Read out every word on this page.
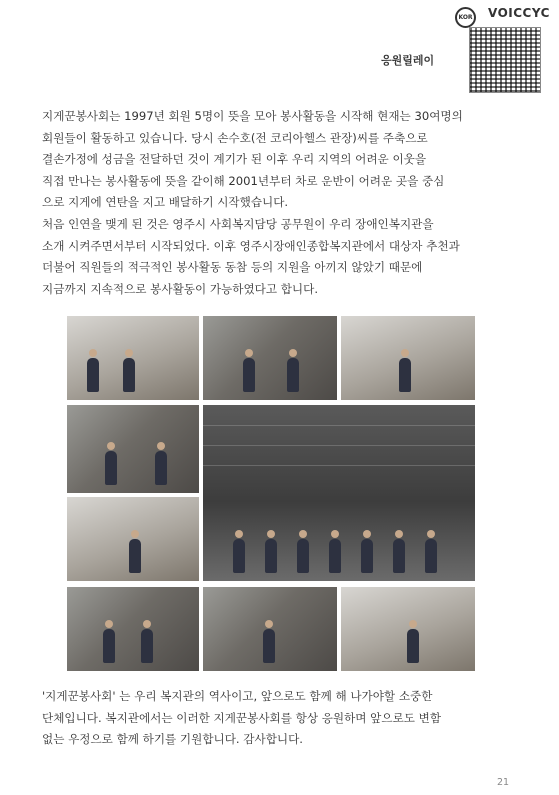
응원릴레이
KOR VOICCYC

지게꾼봉사회는 1997년 회원 5명이 뜻을 모아 봉사활동을 시작해 현재는 30여명의
회원들이 활동하고 있습니다. 당시 손수호(전 코리아헬스 관장)씨를 주축으로
결손가정에 성금을 전달하던 것이 계기가 된 이후 우리 지역의 어려운 이웃을
직접 만나는 봉사활동에 뜻을 같이해 2001년부터 차로 운반이 어려운 곳을 중심
으로 지게에 연탄을 지고 배달하기 시작했습니다.

처음 인연을 맺게 된 것은 영주시 사회복지담당 공무원이 우리 장애인복지관을
소개 시켜주면서부터 시작되었다. 이후 영주시장애인종합복지관에서 대상자 추천과
더불어 직원들의 적극적인 봉사활동 동참 등의 지원을 아끼지 않았기 때문에
지금까지 지속적으로 봉사활동이 가능하였다고 합니다.

'지게꾼봉사회' 는 우리 복지관의 역사이고, 앞으로도 함께 해 나가야할 소중한
단체입니다. 복지관에서는 이러한 지게꾼봉사회를 항상 응원하며 앞으로도 변함
없는 우정으로 함께 하기를 기원합니다. 감사합니다.

21
